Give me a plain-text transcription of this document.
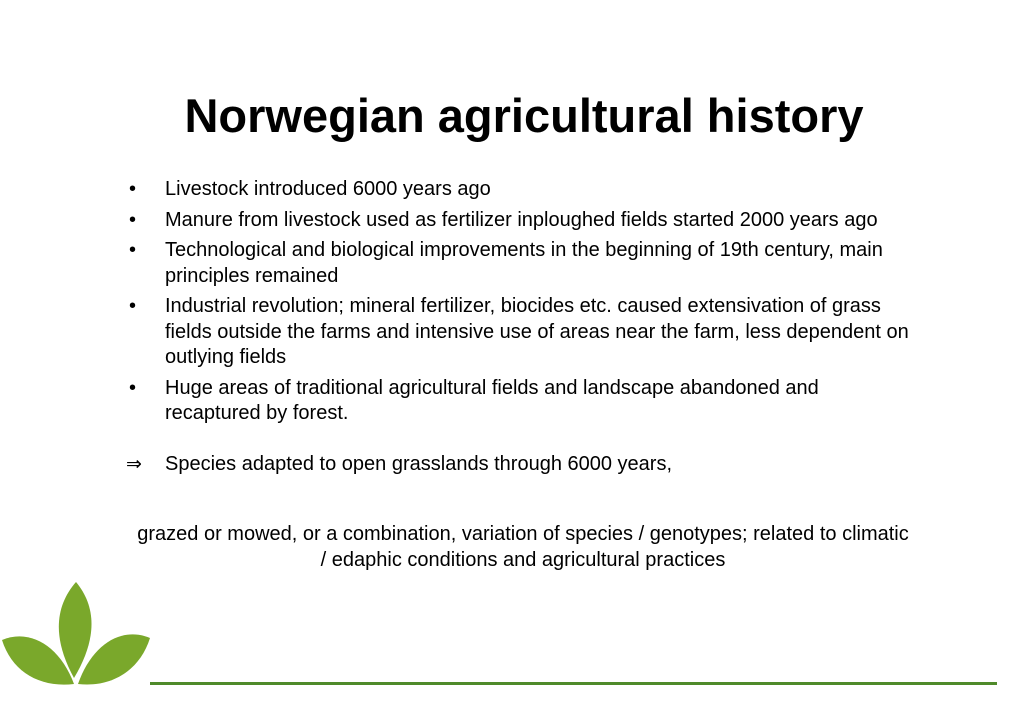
Norwegian agricultural history
• Livestock introduced 6000 years ago
• Manure from livestock used as fertilizer inploughed fields started 2000 years ago
• Technological and biological improvements in the beginning of 19th century, main principles remained
• Industrial revolution; mineral fertilizer, biocides etc. caused extensivation of grass fields outside the farms and intensive use of areas near the farm, less dependent on outlying fields
• Huge areas of traditional agricultural fields and landscape abandoned and recaptured by forest.
⇒ Species adapted to open grasslands through 6000 years,

grazed or mowed, or a combination, variation of species / genotypes; related to climatic / edaphic conditions and agricultural practices
